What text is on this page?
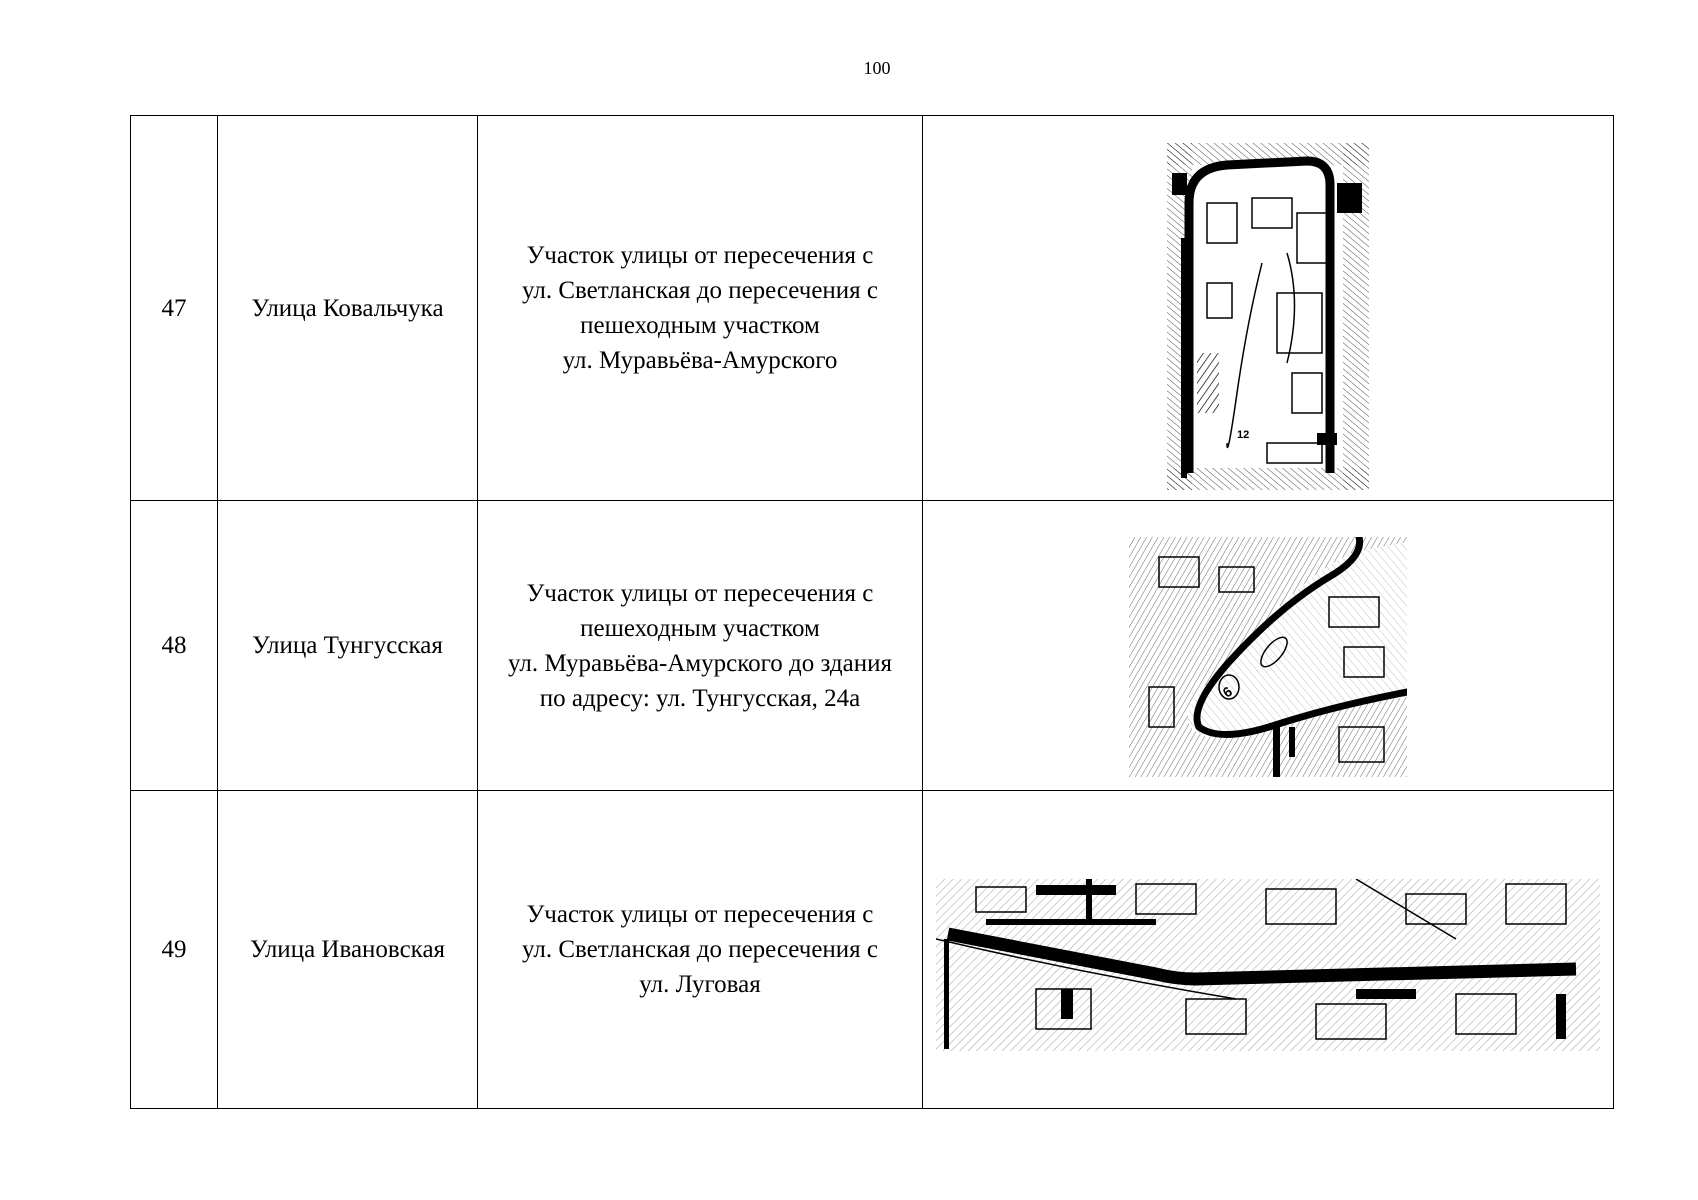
100
47	Улица Ковальчука	Участок улицы от пересечения с
ул. Светланская до пересечения с
пешеходным участком
ул. Муравьёва-Амурского	12

48	Улица Тунгусская	Участок улицы от пересечения с
пешеходным участком
ул. Муравьёва-Амурского до здания
по адресу: ул. Тунгусская, 24а	6

49	Улица Ивановская	Участок улицы от пересечения с
ул. Светланская до пересечения с
ул. Луговая
